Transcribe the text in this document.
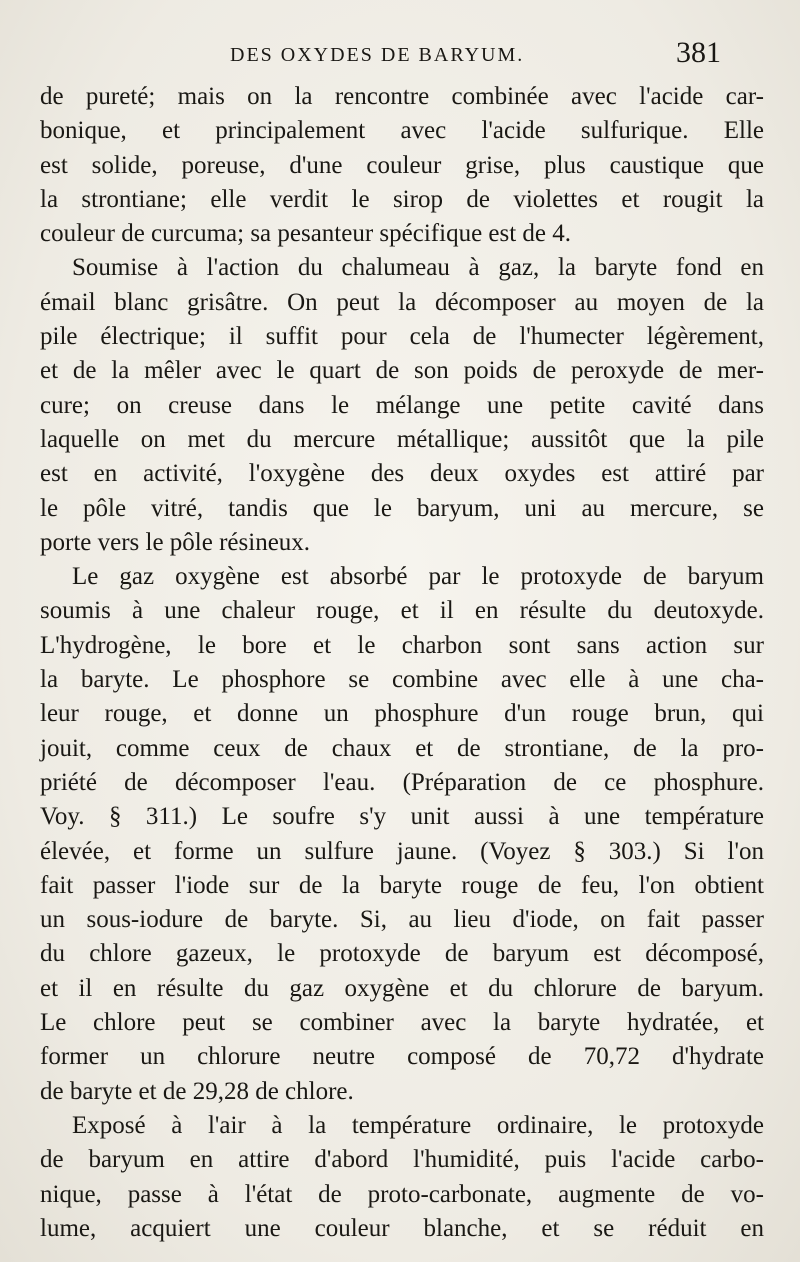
DES OXYDES DE BARYUM.	381
de pureté; mais on la rencontre combinée avec l'acide car-
bonique, et principalement avec l'acide sulfurique. Elle
est solide, poreuse, d'une couleur grise, plus caustique que
la strontiane; elle verdit le sirop de violettes et rougit la
couleur de curcuma; sa pesanteur spécifique est de 4.
Soumise à l'action du chalumeau à gaz, la baryte fond en
émail blanc grisâtre. On peut la décomposer au moyen de la
pile électrique; il suffit pour cela de l'humecter légèrement,
et de la mêler avec le quart de son poids de peroxyde de mer-
cure; on creuse dans le mélange une petite cavité dans
laquelle on met du mercure métallique; aussitôt que la pile
est en activité, l'oxygène des deux oxydes est attiré par
le pôle vitré, tandis que le baryum, uni au mercure, se
porte vers le pôle résineux.
Le gaz oxygène est absorbé par le protoxyde de baryum
soumis à une chaleur rouge, et il en résulte du deutoxyde.
L'hydrogène, le bore et le charbon sont sans action sur
la baryte. Le phosphore se combine avec elle à une cha-
leur rouge, et donne un phosphure d'un rouge brun, qui
jouit, comme ceux de chaux et de strontiane, de la pro-
priété de décomposer l'eau. (Préparation de ce phosphure.
Voy. § 311.) Le soufre s'y unit aussi à une température
élevée, et forme un sulfure jaune. (Voyez § 303.) Si l'on
fait passer l'iode sur de la baryte rouge de feu, l'on obtient
un sous-iodure de baryte. Si, au lieu d'iode, on fait passer
du chlore gazeux, le protoxyde de baryum est décomposé,
et il en résulte du gaz oxygène et du chlorure de baryum.
Le chlore peut se combiner avec la baryte hydratée, et
former un chlorure neutre composé de 70,72 d'hydrate
de baryte et de 29,28 de chlore.
Exposé à l'air à la température ordinaire, le protoxyde
de baryum en attire d'abord l'humidité, puis l'acide carbo-
nique, passe à l'état de proto-carbonate, augmente de vo-
lume, acquiert une couleur blanche, et se réduit en
